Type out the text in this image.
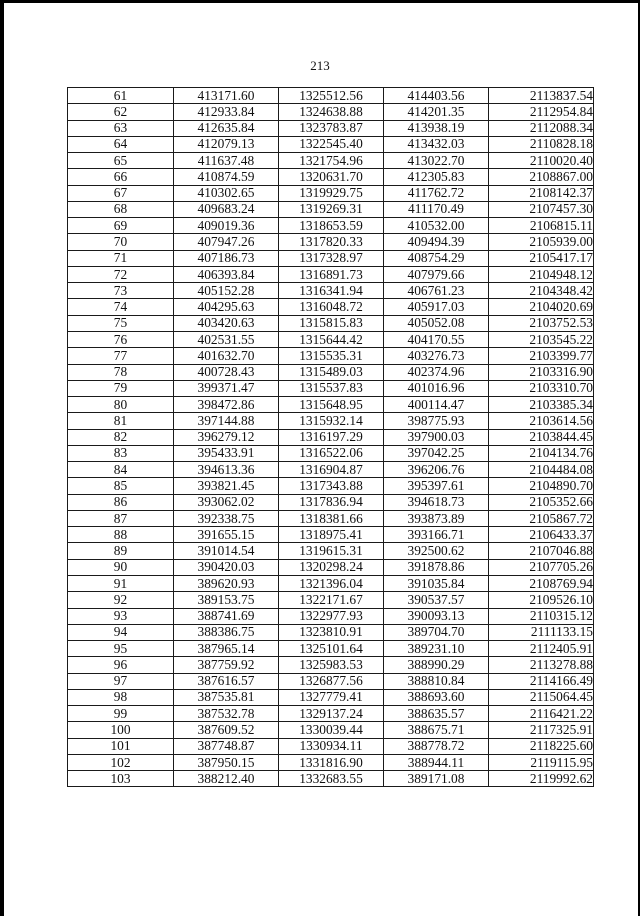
213
61	413171.60	1325512.56	414403.56	2113837.54
62	412933.84	1324638.88	414201.35	2112954.84
63	412635.84	1323783.87	413938.19	2112088.34
64	412079.13	1322545.40	413432.03	2110828.18
65	411637.48	1321754.96	413022.70	2110020.40
66	410874.59	1320631.70	412305.83	2108867.00
67	410302.65	1319929.75	411762.72	2108142.37
68	409683.24	1319269.31	411170.49	2107457.30
69	409019.36	1318653.59	410532.00	2106815.11
70	407947.26	1317820.33	409494.39	2105939.00
71	407186.73	1317328.97	408754.29	2105417.17
72	406393.84	1316891.73	407979.66	2104948.12
73	405152.28	1316341.94	406761.23	2104348.42
74	404295.63	1316048.72	405917.03	2104020.69
75	403420.63	1315815.83	405052.08	2103752.53
76	402531.55	1315644.42	404170.55	2103545.22
77	401632.70	1315535.31	403276.73	2103399.77
78	400728.43	1315489.03	402374.96	2103316.90
79	399371.47	1315537.83	401016.96	2103310.70
80	398472.86	1315648.95	400114.47	2103385.34
81	397144.88	1315932.14	398775.93	2103614.56
82	396279.12	1316197.29	397900.03	2103844.45
83	395433.91	1316522.06	397042.25	2104134.76
84	394613.36	1316904.87	396206.76	2104484.08
85	393821.45	1317343.88	395397.61	2104890.70
86	393062.02	1317836.94	394618.73	2105352.66
87	392338.75	1318381.66	393873.89	2105867.72
88	391655.15	1318975.41	393166.71	2106433.37
89	391014.54	1319615.31	392500.62	2107046.88
90	390420.03	1320298.24	391878.86	2107705.26
91	389620.93	1321396.04	391035.84	2108769.94
92	389153.75	1322171.67	390537.57	2109526.10
93	388741.69	1322977.93	390093.13	2110315.12
94	388386.75	1323810.91	389704.70	2111133.15
95	387965.14	1325101.64	389231.10	2112405.91
96	387759.92	1325983.53	388990.29	2113278.88
97	387616.57	1326877.56	388810.84	2114166.49
98	387535.81	1327779.41	388693.60	2115064.45
99	387532.78	1329137.24	388635.57	2116421.22
100	387609.52	1330039.44	388675.71	2117325.91
101	387748.87	1330934.11	388778.72	2118225.60
102	387950.15	1331816.90	388944.11	2119115.95
103	388212.40	1332683.55	389171.08	2119992.62
